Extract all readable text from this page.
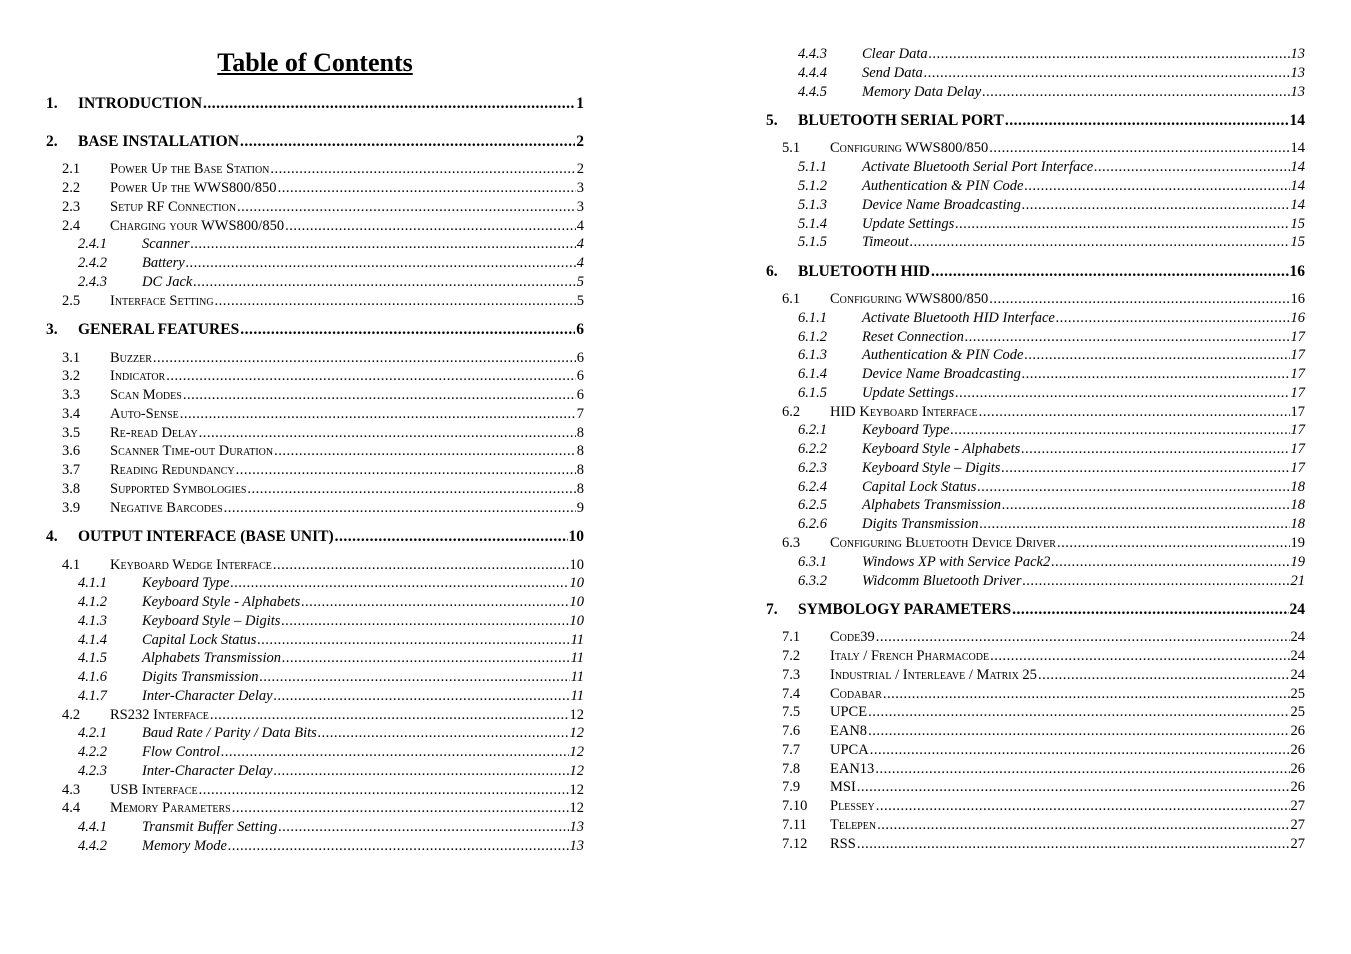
Table of Contents
1.	INTRODUCTION .....	1
2.	BASE INSTALLATION .....	2
2.1	Power Up the Base Station .....	2
2.2	Power Up the WWS800/850 .....	3
2.3	Setup RF Connection .....	3
2.4	Charging your WWS800/850 .....	4
2.4.1	Scanner .....	4
2.4.2	Battery .....	4
2.4.3	DC Jack .....	5
2.5	Interface Setting .....	5
3.	GENERAL FEATURES .....	6
3.1	Buzzer .....	6
3.2	Indicator .....	6
3.3	Scan Modes .....	6
3.4	Auto-Sense .....	7
3.5	Re-read Delay .....	8
3.6	Scanner Time-out Duration .....	8
3.7	Reading Redundancy .....	8
3.8	Supported Symbologies .....	8
3.9	Negative Barcodes .....	9
4.	OUTPUT INTERFACE (BASE UNIT) .....	10
4.1	Keyboard Wedge Interface .....	10
4.1.1	Keyboard Type .....	10
4.1.2	Keyboard Style - Alphabets .....	10
4.1.3	Keyboard Style – Digits .....	10
4.1.4	Capital Lock Status .....	11
4.1.5	Alphabets Transmission .....	11
4.1.6	Digits Transmission .....	11
4.1.7	Inter-Character Delay .....	11
4.2	RS232 Interface .....	12
4.2.1	Baud Rate / Parity / Data Bits .....	12
4.2.2	Flow Control .....	12
4.2.3	Inter-Character Delay .....	12
4.3	USB Interface .....	12
4.4	Memory Parameters .....	12
4.4.1	Transmit Buffer Setting .....	13
4.4.2	Memory Mode .....	13
4.4.3	Clear Data .....	13
4.4.4	Send Data .....	13
4.4.5	Memory Data Delay .....	13
5.	BLUETOOTH SERIAL PORT .....	14
5.1	Configuring WWS800/850 .....	14
5.1.1	Activate Bluetooth Serial Port Interface .....	14
5.1.2	Authentication & PIN Code .....	14
5.1.3	Device Name Broadcasting .....	14
5.1.4	Update Settings .....	15
5.1.5	Timeout .....	15
6.	BLUETOOTH HID .....	16
6.1	Configuring WWS800/850 .....	16
6.1.1	Activate Bluetooth HID Interface .....	16
6.1.2	Reset Connection .....	17
6.1.3	Authentication & PIN Code .....	17
6.1.4	Device Name Broadcasting .....	17
6.1.5	Update Settings .....	17
6.2	HID Keyboard Interface .....	17
6.2.1	Keyboard Type .....	17
6.2.2	Keyboard Style - Alphabets .....	17
6.2.3	Keyboard Style – Digits .....	17
6.2.4	Capital Lock Status .....	18
6.2.5	Alphabets Transmission .....	18
6.2.6	Digits Transmission .....	18
6.3	Configuring Bluetooth Device Driver .....	19
6.3.1	Windows XP with Service Pack2 .....	19
6.3.2	Widcomm Bluetooth Driver .....	21
7.	SYMBOLOGY PARAMETERS .....	24
7.1	Code39 .....	24
7.2	Italy / French Pharmacode .....	24
7.3	Industrial / Interleave / Matrix 25 .....	24
7.4	Codabar .....	25
7.5	UPCE .....	25
7.6	EAN8 .....	26
7.7	UPCA .....	26
7.8	EAN13 .....	26
7.9	MSI .....	26
7.10	Plessey .....	27
7.11	Telepen .....	27
7.12	RSS .....	27
